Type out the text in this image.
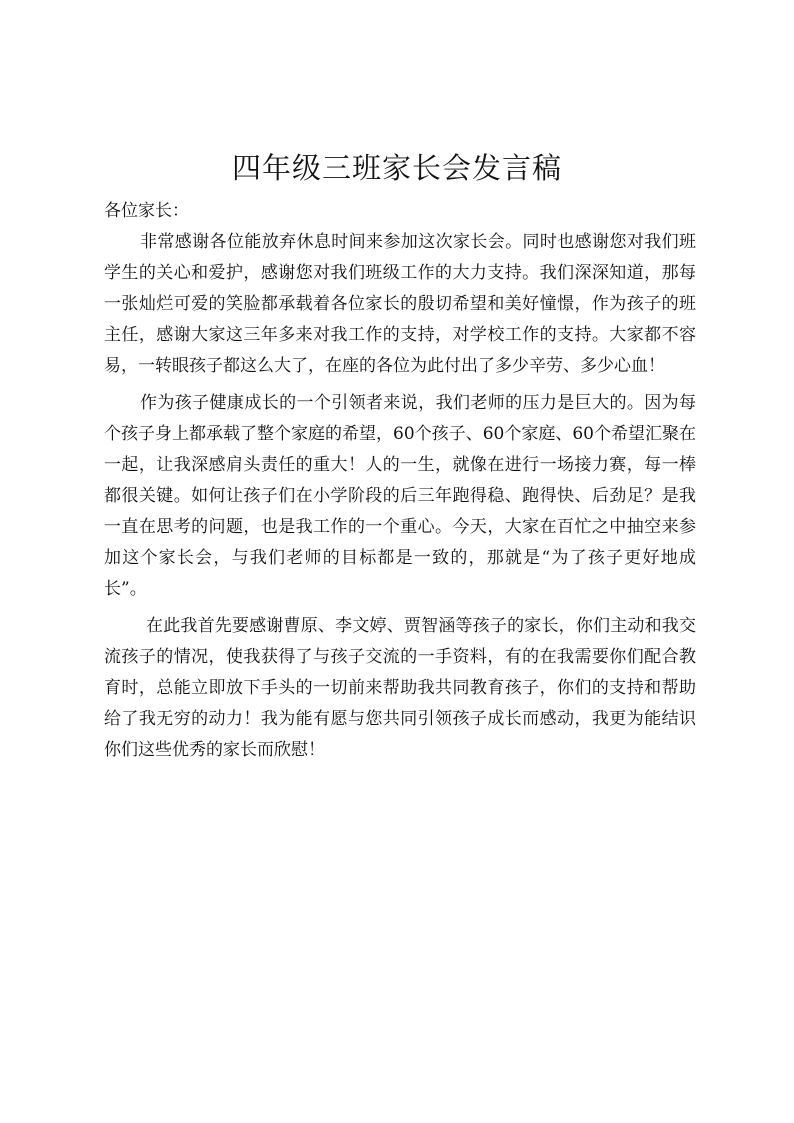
四年级三班家长会发言稿

各位家长：

非常感谢各位能放弃休息时间来参加这次家长会。同时也感谢您对我们班学生的关心和爱护，感谢您对我们班级工作的大力支持。我们深深知道，那每一张灿烂可爱的笑脸都承载着各位家长的殷切希望和美好憧憬，作为孩子的班主任，感谢大家这三年多来对我工作的支持，对学校工作的支持。大家都不容易，一转眼孩子都这么大了，在座的各位为此付出了多少辛劳、多少心血！

作为孩子健康成长的一个引领者来说，我们老师的压力是巨大的。因为每个孩子身上都承载了整个家庭的希望，60个孩子、60个家庭、60个希望汇聚在一起，让我深感肩头责任的重大！人的一生，就像在进行一场接力赛，每一棒都很关键。如何让孩子们在小学阶段的后三年跑得稳、跑得快、后劲足？是我一直在思考的问题，也是我工作的一个重心。今天，大家在百忙之中抽空来参加这个家长会，与我们老师的目标都是一致的，那就是“为了孩子更好地成长”。

在此我首先要感谢曹原、李文婷、贾智涵等孩子的家长，你们主动和我交流孩子的情况，使我获得了与孩子交流的一手资料，有的在我需要你们配合教育时，总能立即放下手头的一切前来帮助我共同教育孩子，你们的支持和帮助给了我无穷的动力！我为能有愿与您共同引领孩子成长而感动，我更为能结识你们这些优秀的家长而欣慰！
